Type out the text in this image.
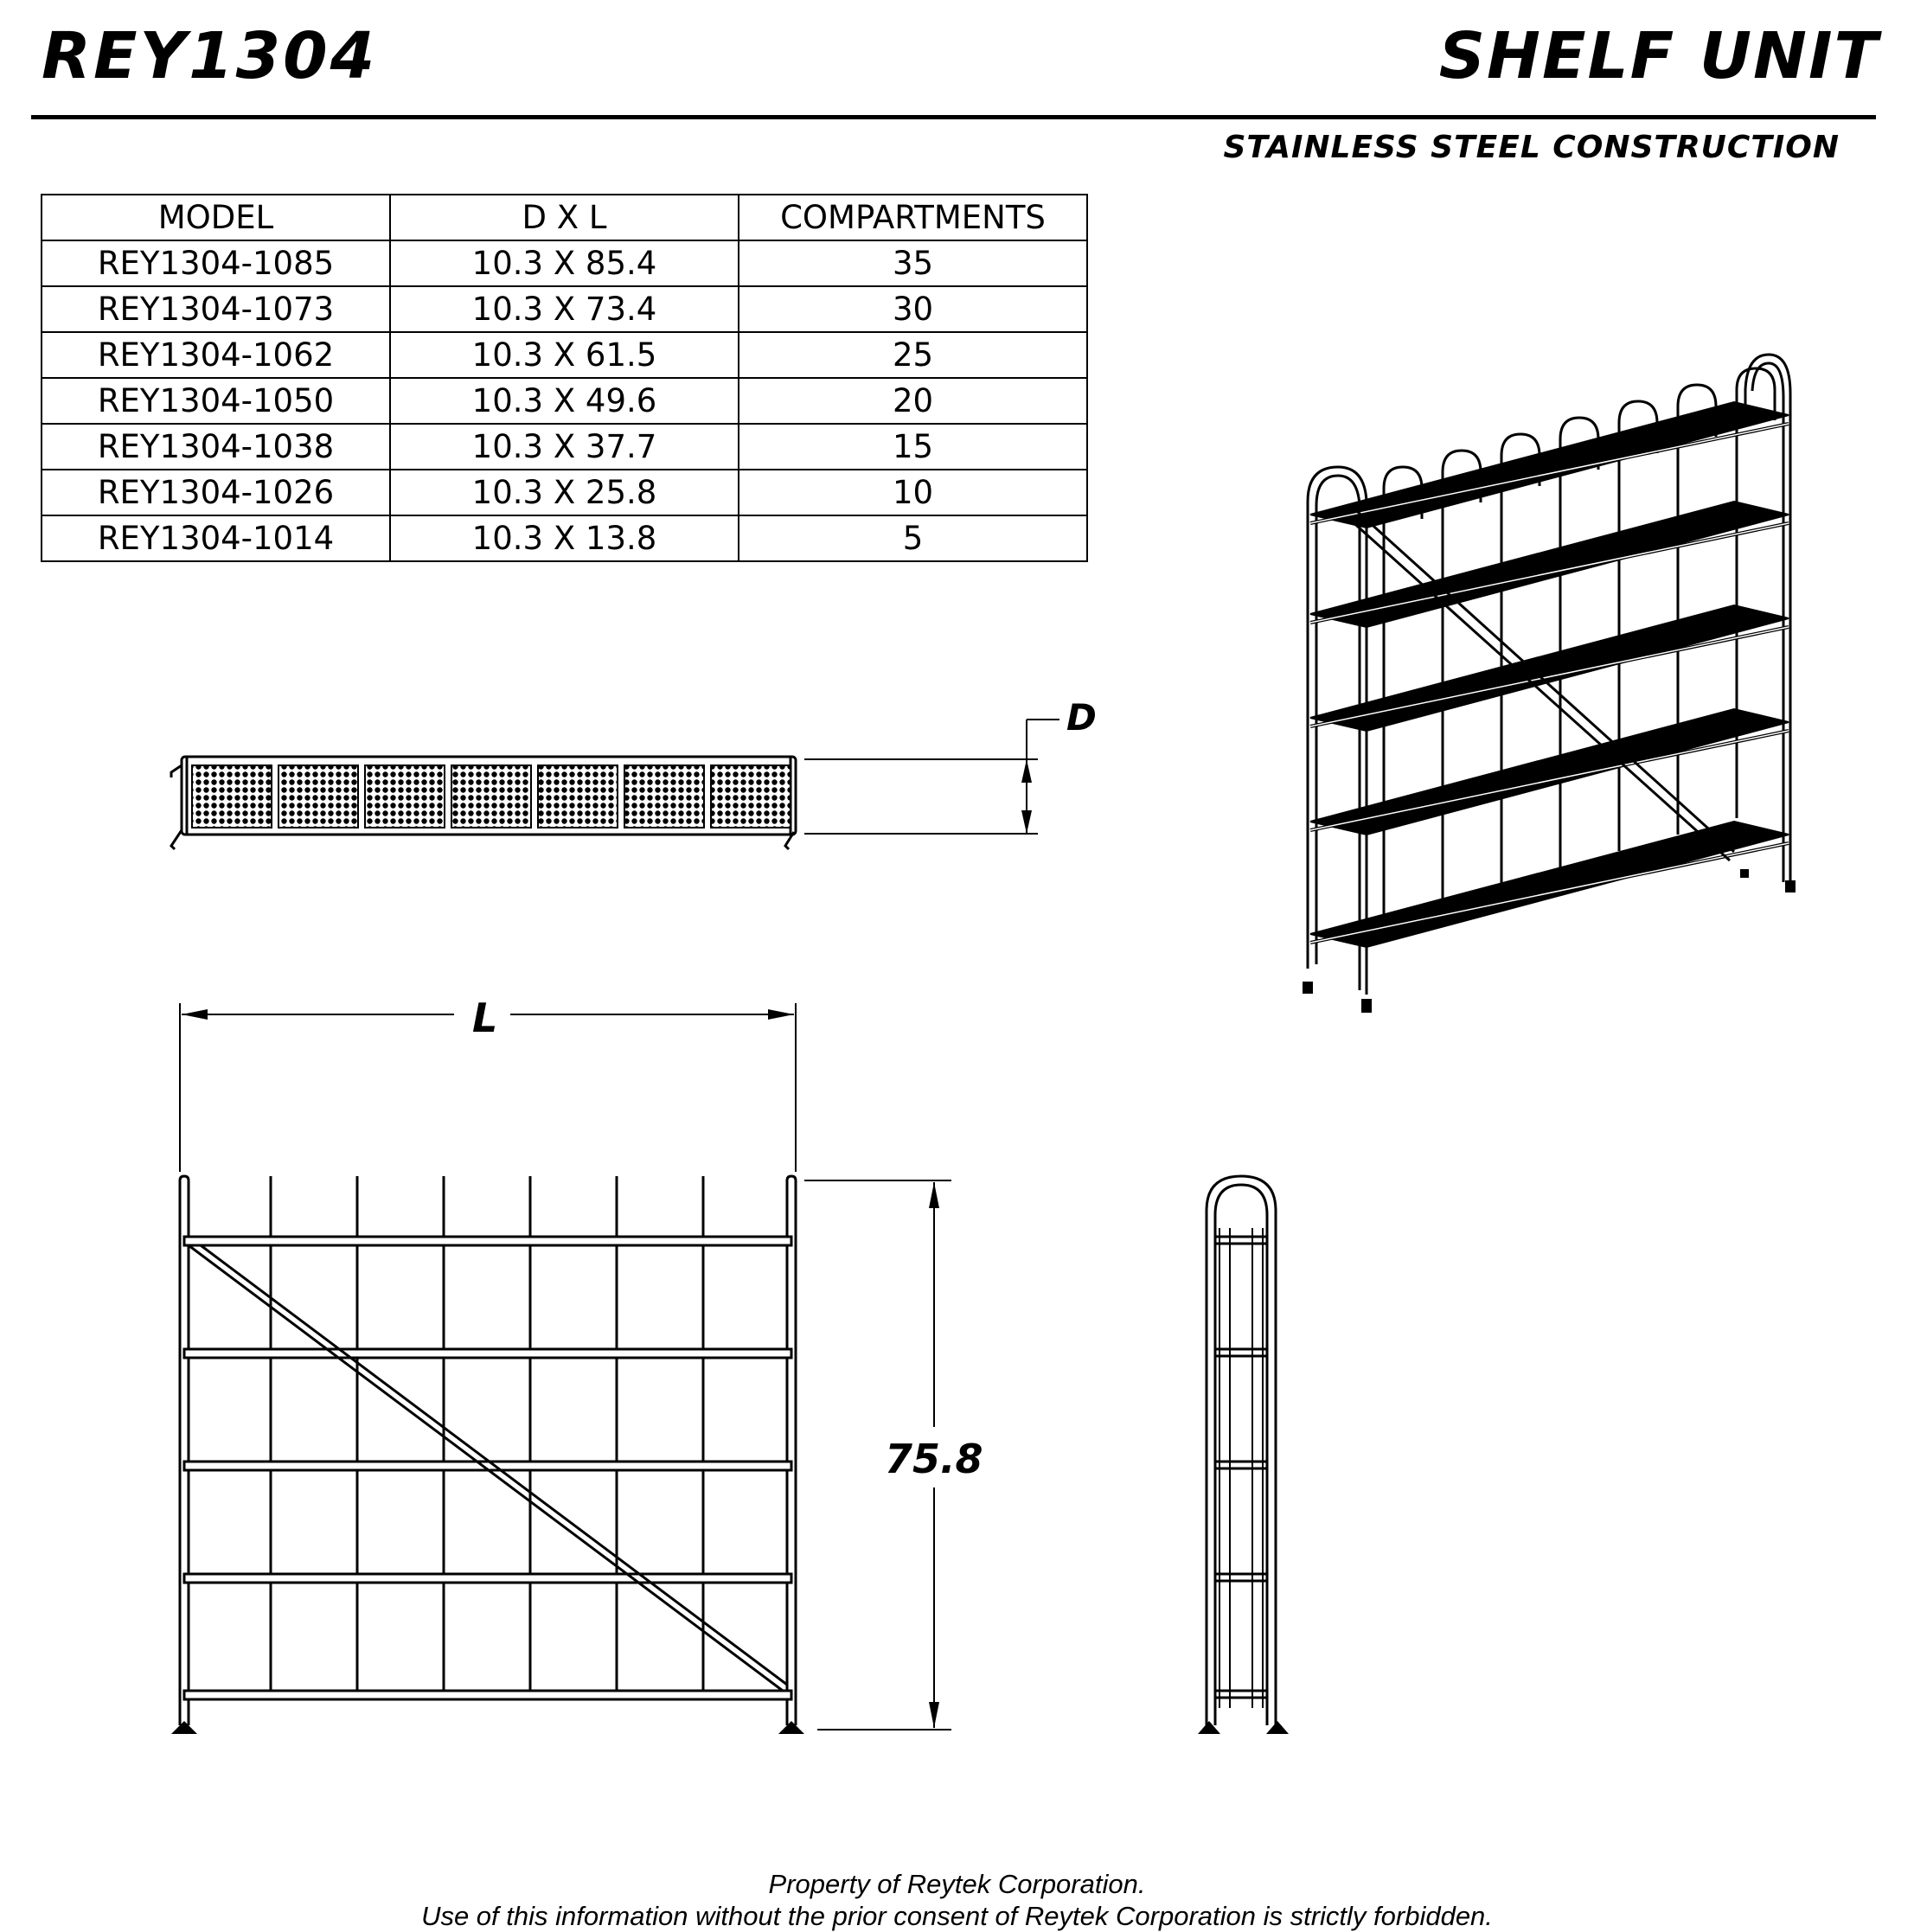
REY1304	SHELF UNIT
STAINLESS STEEL CONSTRUCTION
MODEL	D X L	COMPARTMENTS
REY1304-1085	10.3 X 85.4	35
REY1304-1073	10.3 X 73.4	30
REY1304-1062	10.3 X 61.5	25
REY1304-1050	10.3 X 49.6	20
REY1304-1038	10.3 X 37.7	15
REY1304-1026	10.3 X 25.8	10
REY1304-1014	10.3 X 13.8	5
D
L
75.8
Property of Reytek Corporation.
Use of this information without the prior consent of Reytek Corporation is strictly forbidden.
